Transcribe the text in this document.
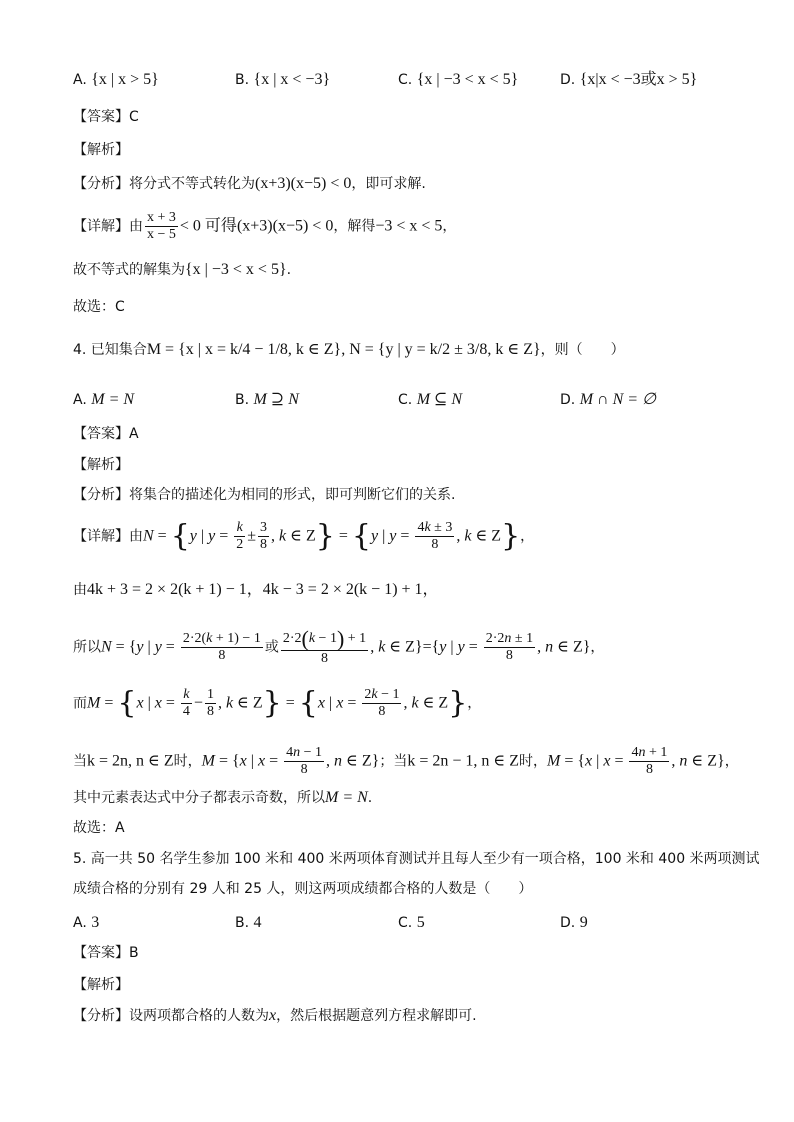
A. {x | x > 5}	B. {x | x < −3}	C. {x | −3 < x < 5}	D. {x|x < −3或x > 5}
【答案】C
【解析】
【分析】将分式不等式转化为(x+3)(x−5) < 0，即可求解.
【详解】由 $\frac{x + 3}{x - 5} < 0$ 可得(x+3)(x−5) < 0，解得−3 < x < 5，
故不等式的解集为{x | −3 < x < 5}.
故选：C
4. 已知集合M = {x | x = k/4 − 1/8, k ∈ Z}, N = {y | y = k/2 ± 3/8, k ∈ Z}，则（　　）
A. M = N	B. M ⊇ N	C. M ⊆ N	D. M ∩ N = ∅
【答案】A
【解析】
【分析】将集合的描述化为相同的形式，即可判断它们的关系.
【详解】由N = {y | $y = \frac{k}{2} \pm \frac{3}{8}$ , k ∈ Z} = {y | $y = \frac{4k \pm 3}{8}$ , k ∈ Z}，
由4k + 3 = 2 × 2(k + 1) − 1，4k − 3 = 2 × 2(k − 1) + 1，
所以N = {y | $y = \frac{2\cdot 2(k + 1) - 1}{8}$ 或 $\frac{2\cdot 2(k - 1) + 1}{8}$ , k ∈ Z}={y | $y = \frac{2\cdot 2n \pm 1}{8}$ , n ∈ Z}，
而M = {x | $x = \frac{k}{4} - \frac{1}{8}$ , k ∈ Z} = {x | $x = \frac{2k - 1}{8}$ , k ∈ Z}，
当k = 2n, n ∈ Z时，M = {x | $x = \frac{4n - 1}{8}$ , n ∈ Z}；当k = 2n − 1, n ∈ Z时，M = {x | $x = \frac{4n + 1}{8}$ , n ∈ Z}，
其中元素表达式中分子都表示奇数，所以M = N.
故选：A
5. 高一共 50 名学生参加 100 米和 400 米两项体育测试并且每人至少有一项合格，100 米和 400 米两项测试
成绩合格的分别有 29 人和 25 人，则这两项成绩都合格的人数是（　　）
A. 3	B. 4	C. 5	D. 9
【答案】B
【解析】
【分析】设两项都合格的人数为x，然后根据题意列方程求解即可.
